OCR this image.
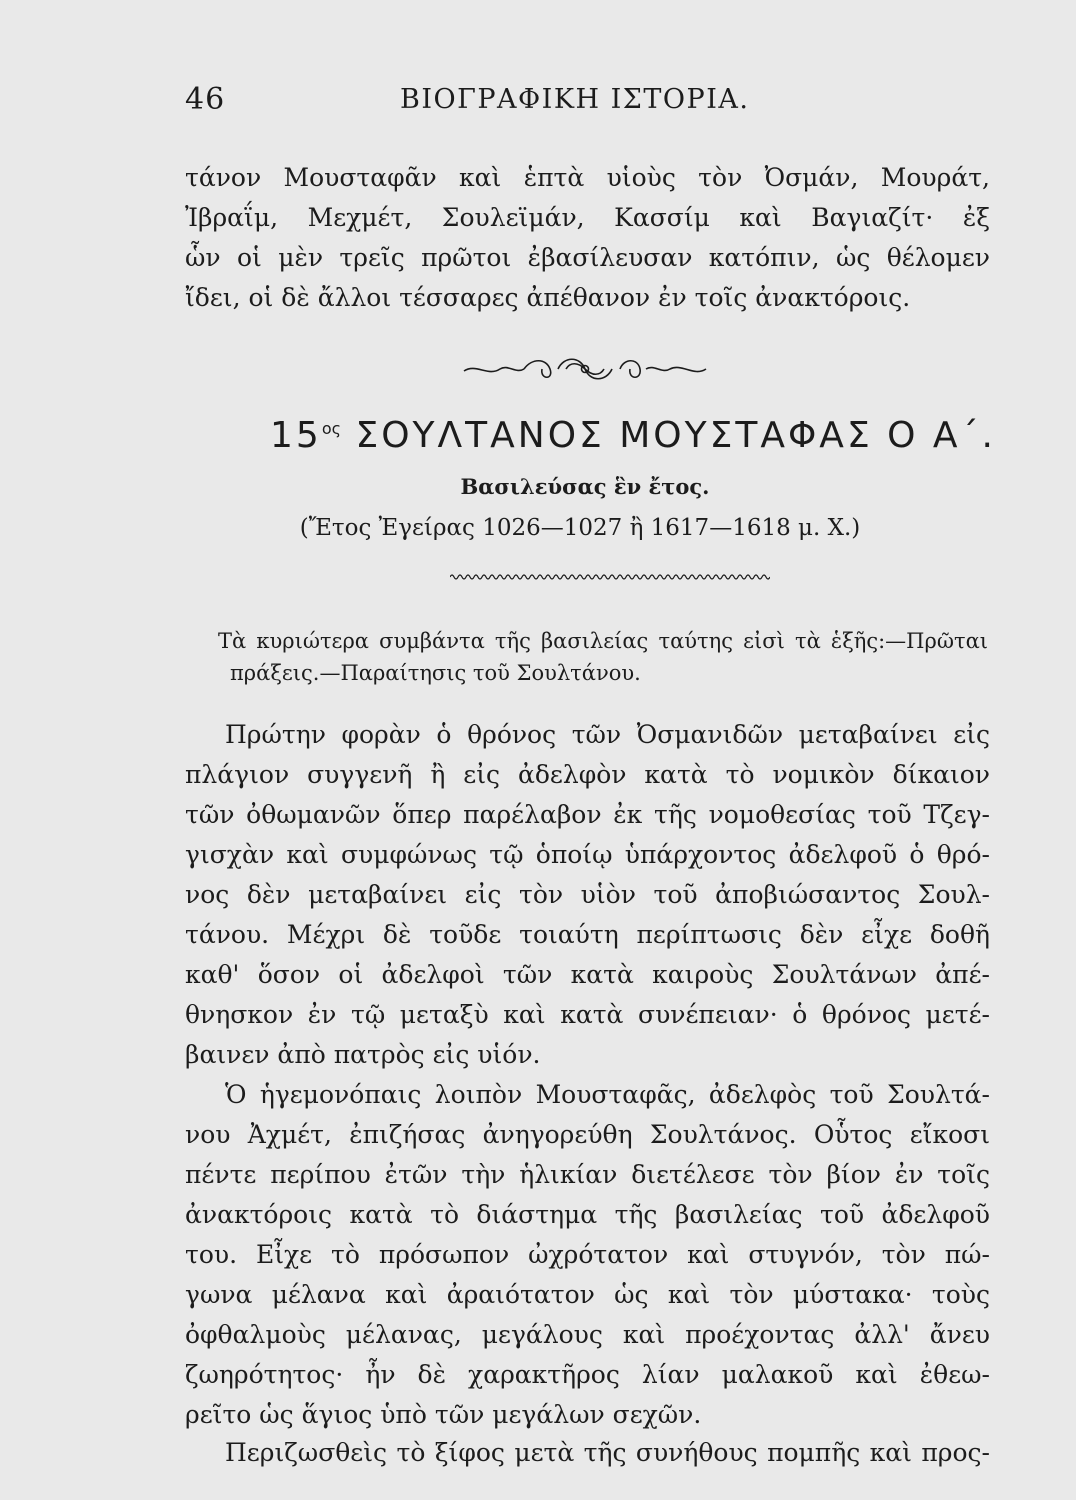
46	ΒΙΟΓΡΑΦΙΚΗ ΙΣΤΟΡΙΑ.
τάνον Μουσταφᾶν καὶ ἑπτὰ υἱοὺς τὸν Ὀσμάν, Μουράτ,
Ἰβραΐμ, Μεχμέτ, Σουλεϊμάν, Κασσίμ καὶ Βαγιαζίτ· ἐξ
ὧν οἱ μὲν τρεῖς πρῶτοι ἐβασίλευσαν κατόπιν, ὡς θέλομεν
ἴδει, οἱ δὲ ἄλλοι τέσσαρες ἀπέθανον ἐν τοῖς ἀνακτόροις.
$15^{o\varsigma}$ ΣΟΥΛΤΑΝΟΣ ΜΟΥΣΤΑΦΑΣ Ο Α΄.
Βασιλεύσας ἓν ἔτος.
(Ἔτος Ἐγείρας 1026—1027 ἢ 1617—1618 μ. Χ.)
Τὰ κυριώτερα συμβάντα τῆς βασιλείας ταύτης εἰσὶ τὰ ἑξῆς:—Πρῶται
πράξεις.—Παραίτησις τοῦ Σουλτάνου.
Πρώτην φορὰν ὁ θρόνος τῶν Ὀσμανιδῶν μεταβαίνει εἰς
πλάγιον συγγενῆ ἢ εἰς ἀδελφὸν κατὰ τὸ νομικὸν δίκαιον
τῶν ὀθωμανῶν ὅπερ παρέλαβον ἐκ τῆς νομοθεσίας τοῦ Τζεγ-
γισχὰν καὶ συμφώνως τῷ ὁποίῳ ὑπάρχοντος ἀδελφοῦ ὁ θρό-
νος δὲν μεταβαίνει εἰς τὸν υἱὸν τοῦ ἀποβιώσαντος Σουλ-
τάνου. Μέχρι δὲ τοῦδε τοιαύτη περίπτωσις δὲν εἶχε δοθῆ
καθ' ὅσον οἱ ἀδελφοὶ τῶν κατὰ καιροὺς Σουλτάνων ἀπέ-
θνησκον ἐν τῷ μεταξὺ καὶ κατὰ συνέπειαν· ὁ θρόνος μετέ-
βαινεν ἀπὸ πατρὸς εἰς υἱόν.
Ὁ ἡγεμονόπαις λοιπὸν Μουσταφᾶς, ἀδελφὸς τοῦ Σουλτά-
νου Ἀχμέτ, ἐπιζήσας ἀνηγορεύθη Σουλτάνος. Οὗτος εἴκοσι
πέντε περίπου ἐτῶν τὴν ἡλικίαν διετέλεσε τὸν βίον ἐν τοῖς
ἀνακτόροις κατὰ τὸ διάστημα τῆς βασιλείας τοῦ ἀδελφοῦ
του. Εἶχε τὸ πρόσωπον ὠχρότατον καὶ στυγνόν, τὸν πώ-
γωνα μέλανα καὶ ἀραιότατον ὡς καὶ τὸν μύστακα· τοὺς
ὀφθαλμοὺς μέλανας, μεγάλους καὶ προέχοντας ἀλλ' ἄνευ
ζωηρότητος· ἦν δὲ χαρακτῆρος λίαν μαλακοῦ καὶ ἐθεω-
ρεῖτο ὡς ἅγιος ὑπὸ τῶν μεγάλων σεχῶν.
Περιζωσθεὶς τὸ ξίφος μετὰ τῆς συνήθους πομπῆς καὶ προς-
